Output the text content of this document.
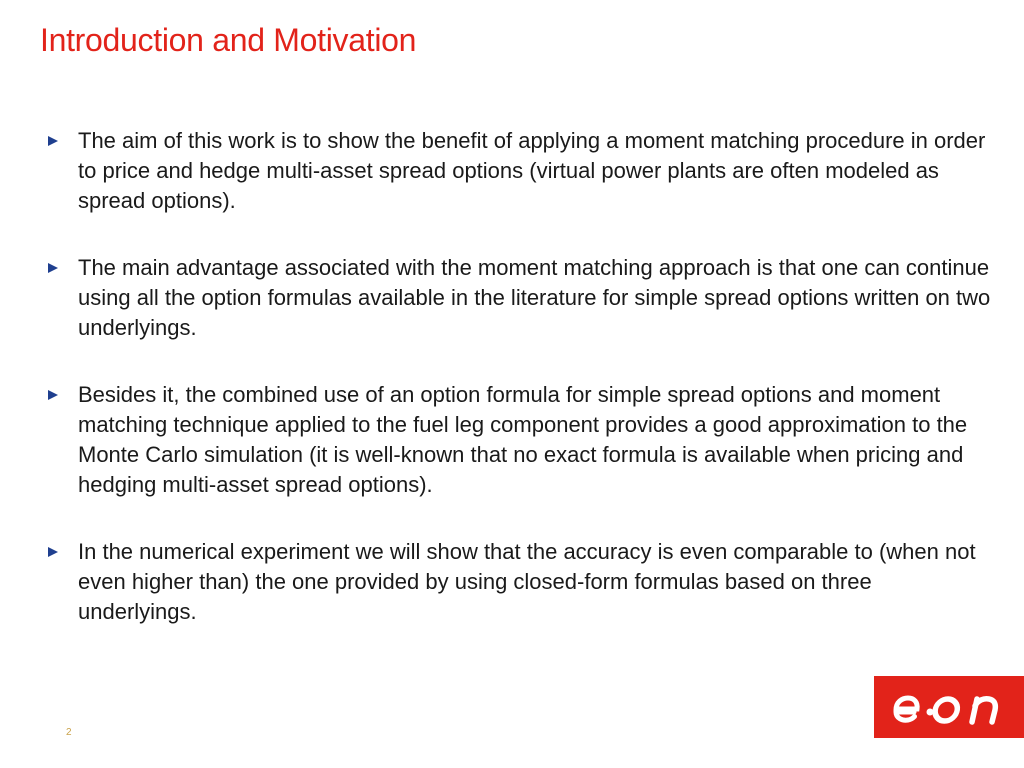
Introduction and Motivation
The aim of this work is to show the benefit of applying a moment matching procedure in order to price and hedge multi-asset spread options (virtual power plants are often modeled as spread options).
The main advantage associated with the moment matching approach is that one can continue using all the option formulas available in the literature for simple spread options written on two underlyings.
Besides it, the combined use of an option formula for simple spread options and moment matching technique applied to the fuel leg component provides a good approximation to the Monte Carlo simulation (it is well-known that no exact formula is available when pricing and hedging multi-asset spread options).
In the numerical experiment we will show that the accuracy is even comparable to (when not even higher than) the one provided by using closed-form formulas based on three underlyings.
2
